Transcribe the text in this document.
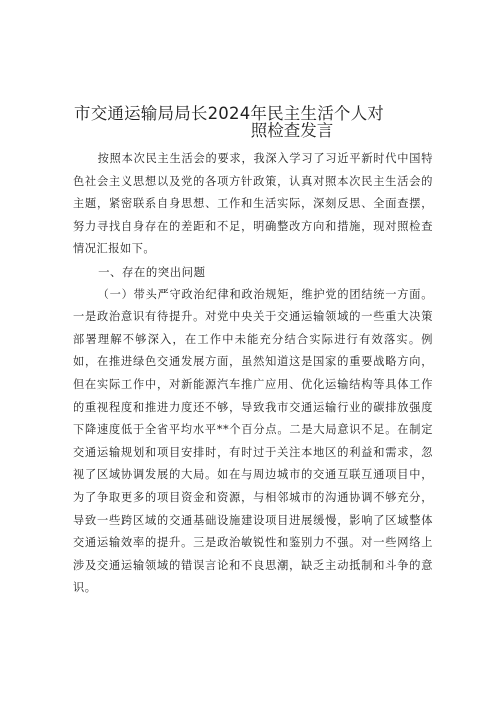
市交通运输局局长2024年民主生活个人对
照检查发言

按照本次民主生活会的要求，我深入学习了习近平新时代中国特色社会主义思想以及党的各项方针政策，认真对照本次民主生活会的主题，紧密联系自身思想、工作和生活实际，深刻反思、全面查摆，努力寻找自身存在的差距和不足，明确整改方向和措施，现对照检查情况汇报如下。

一、存在的突出问题

（一）带头严守政治纪律和政治规矩，维护党的团结统一方面。一是政治意识有待提升。对党中央关于交通运输领域的一些重大决策部署理解不够深入，在工作中未能充分结合实际进行有效落实。例如，在推进绿色交通发展方面，虽然知道这是国家的重要战略方向，但在实际工作中，对新能源汽车推广应用、优化运输结构等具体工作的重视程度和推进力度还不够，导致我市交通运输行业的碳排放强度下降速度低于全省平均水平**个百分点。二是大局意识不足。在制定交通运输规划和项目安排时，有时过于关注本地区的利益和需求，忽视了区域协调发展的大局。如在与周边城市的交通互联互通项目中，为了争取更多的项目资金和资源，与相邻城市的沟通协调不够充分，导致一些跨区域的交通基础设施建设项目进展缓慢，影响了区域整体交通运输效率的提升。三是政治敏锐性和鉴别力不强。对一些网络上涉及交通运输领域的错误言论和不良思潮，缺乏主动抵制和斗争的意识。
